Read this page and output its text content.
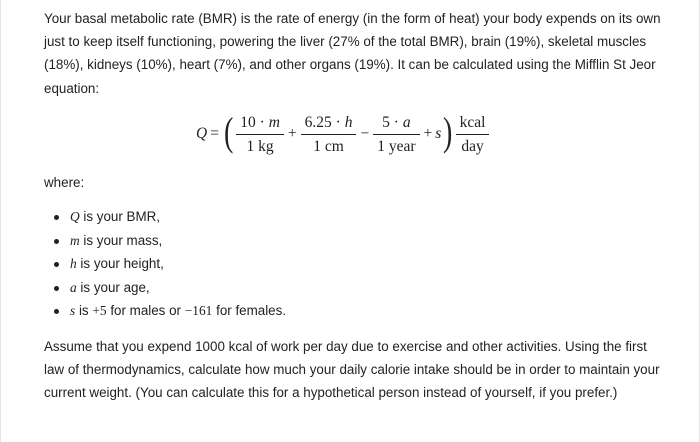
Your basal metabolic rate (BMR) is the rate of energy (in the form of heat) your body expends on its own just to keep itself functioning, powering the liver (27% of the total BMR), brain (19%), skeletal muscles (18%), kidneys (10%), heart (7%), and other organs (19%). It can be calculated using the Mifflin St Jeor equation:

Q = ( $\frac{10 \cdot m}{1 kg} + \frac{6.25 \cdot h}{1 cm} - \frac{5 \cdot a}{\text{1 year}} + s$ ) $\frac{\text{kcal}}{\text{day}}$
where:
Q is your BMR,
m is your mass,
h is your height,
a is your age,
s is +5 for males or −161 for females.

Assume that you expend 1000 kcal of work per day due to exercise and other activities. Using the first law of thermodynamics, calculate how much your daily calorie intake should be in order to maintain your current weight. (You can calculate this for a hypothetical person instead of yourself, if you prefer.)
